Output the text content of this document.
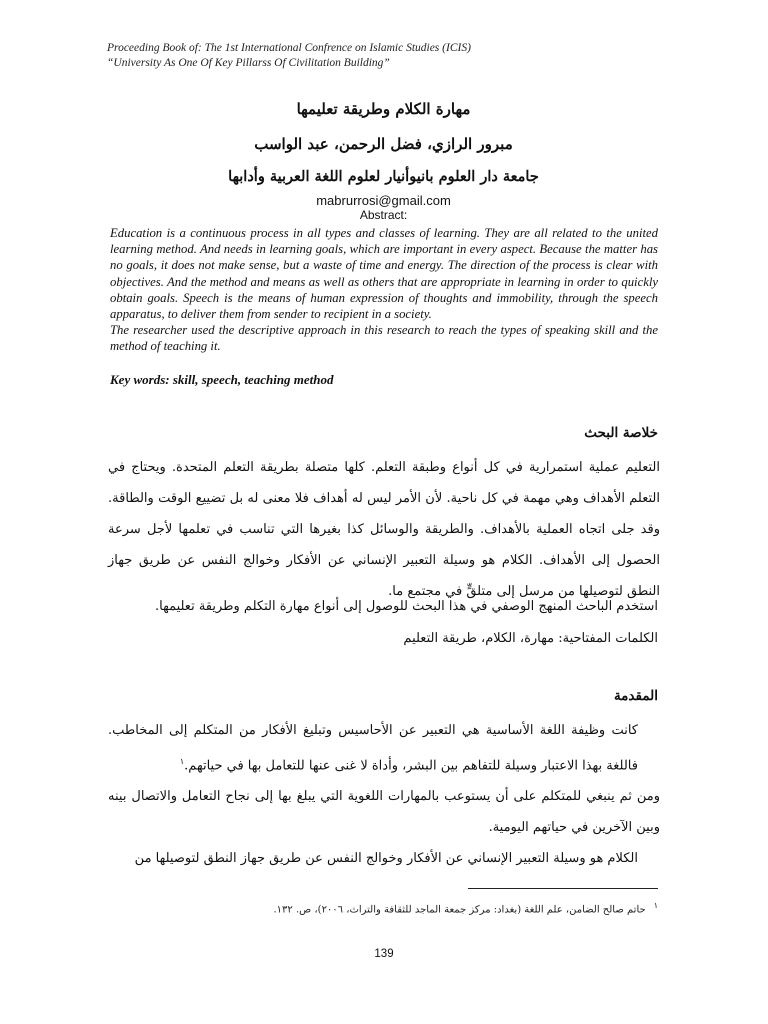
Proceeding Book of: The 1st International Confrence on Islamic Studies (ICIS)
“University As One Of Key Pillarss Of Civilitation Building”
مهارة الكلام وطريقة تعليمها
مبرور الرازي، فضل الرحمن، عبد الواسب
جامعة دار العلوم بانيوأنيار لعلوم اللغة العربية وأدابها
mabrurrosi@gmail.com
Abstract:

Education is a continuous process in all types and classes of learning. They are all related to the united learning method. And needs in learning goals, which are important in every aspect. Because the matter has no goals, it does not make sense, but a waste of time and energy. The direction of the process is clear with objectives. And the method and means as well as others that are appropriate in learning in order to quickly obtain goals. Speech is the means of human expression of thoughts and immobility, through the speech apparatus, to deliver them from sender to recipient in a society.

The researcher used the descriptive approach in this research to reach the types of speaking skill and the method of teaching it.

Key words: skill, speech, teaching method
خلاصة البحث
التعليم عملية استمرارية في كل أنواع وطبقة التعلم. كلها متصلة بطريقة التعلم المتحدة. ويحتاج في التعلم الأهداف وهي مهمة في كل ناحية. لأن الأمر ليس له أهداف فلا معنى له بل تضييع الوقت والطاقة. وقد جلى اتجاه العملية بالأهداف. والطريقة والوسائل كذا بغيرها التي تناسب في تعلمها لأجل سرعة الحصول إلى الأهداف. الكلام هو وسيلة التعبير الإنساني عن الأفكار وخوالج النفس عن طريق جهاز النطق لتوصيلها من مرسل إلى متلقٍّ في مجتمع ما.
استخدم الباحث المنهج الوصفي في هذا البحث للوصول إلى أنواع مهارة التكلم وطريقة تعليمها.
الكلمات المفتاحية: مهارة، الكلام، طريقة التعليم
المقدمة

كانت وظيفة اللغة الأساسية هي التعبير عن الأحاسيس وتبليغ الأفكار من المتكلم إلى المخاطب. فاللغة بهذا الاعتبار وسيلة للتفاهم بين البشر، وأداة لا غنى عنها للتعامل بها في حياتهم.$^١$

ومن ثم ينبغي للمتكلم على أن يستوعب بالمهارات اللغوية التي يبلغ بها إلى نجاح التعامل والاتصال بينه وبين الآخرين في حياتهم اليومية.

الكلام هو وسيلة التعبير الإنساني عن الأفكار وخوالج النفس عن طريق جهاز النطق لتوصيلها من

$^١$حاتم صالح الضامن، علم اللغة (بغداد: مركز جمعة الماجد للثقافة والتراث، ٢٠٠٦)، ص. ١٣٢.
139
